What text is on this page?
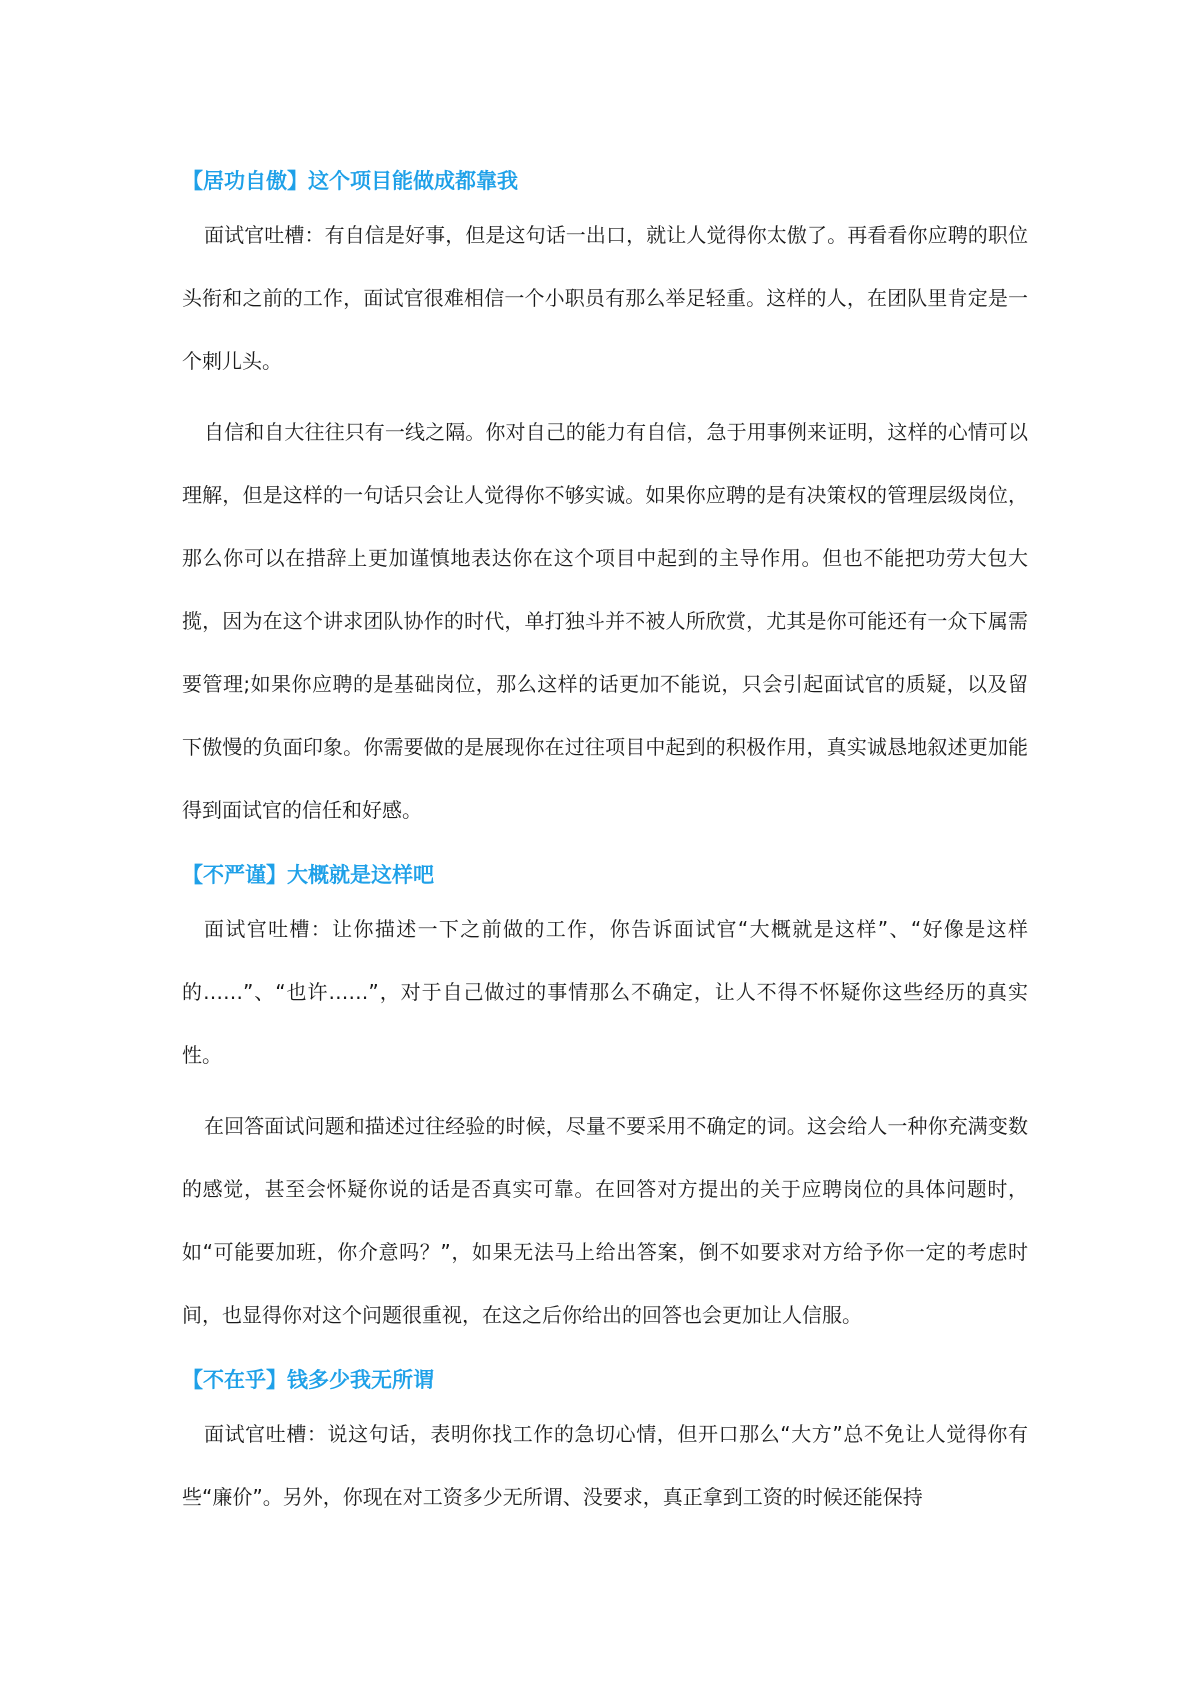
【居功自傲】这个项目能做成都靠我

面试官吐槽：有自信是好事，但是这句话一出口，就让人觉得你太傲了。再看看你应聘的职位头衔和之前的工作，面试官很难相信一个小职员有那么举足轻重。这样的人，在团队里肯定是一个刺儿头。

自信和自大往往只有一线之隔。你对自己的能力有自信，急于用事例来证明，这样的心情可以理解，但是这样的一句话只会让人觉得你不够实诚。如果你应聘的是有决策权的管理层级岗位，那么你可以在措辞上更加谨慎地表达你在这个项目中起到的主导作用。但也不能把功劳大包大揽，因为在这个讲求团队协作的时代，单打独斗并不被人所欣赏，尤其是你可能还有一众下属需要管理;如果你应聘的是基础岗位，那么这样的话更加不能说，只会引起面试官的质疑，以及留下傲慢的负面印象。你需要做的是展现你在过往项目中起到的积极作用，真实诚恳地叙述更加能得到面试官的信任和好感。

【不严谨】大概就是这样吧

面试官吐槽：让你描述一下之前做的工作，你告诉面试官“大概就是这样”、“好像是这样的……”、“也许……”，对于自己做过的事情那么不确定，让人不得不怀疑你这些经历的真实性。

在回答面试问题和描述过往经验的时候，尽量不要采用不确定的词。这会给人一种你充满变数的感觉，甚至会怀疑你说的话是否真实可靠。在回答对方提出的关于应聘岗位的具体问题时，如“可能要加班，你介意吗？”，如果无法马上给出答案，倒不如要求对方给予你一定的考虑时间，也显得你对这个问题很重视，在这之后你给出的回答也会更加让人信服。

【不在乎】钱多少我无所谓

面试官吐槽：说这句话，表明你找工作的急切心情，但开口那么“大方”总不免让人觉得你有些“廉价”。另外，你现在对工资多少无所谓、没要求，真正拿到工资的时候还能保持
